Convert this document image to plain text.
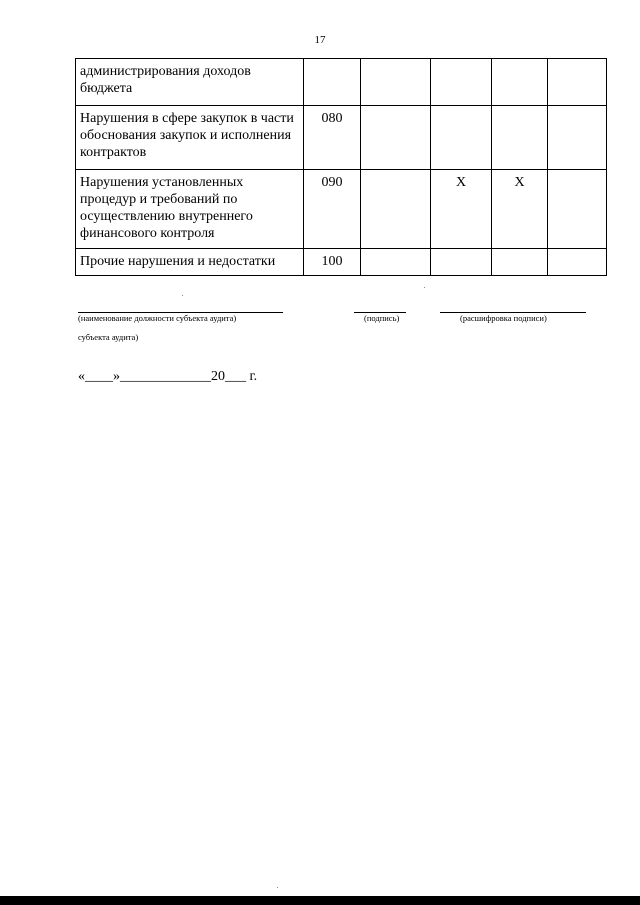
17
администрирования доходов бюджета					
Нарушения в сфере закупок в части обоснования закупок и исполнения контрактов	080				
Нарушения установленных процедур и требований по осуществлению внутреннего финансового контроля	090		X	X	
Прочие нарушения и недостатки	100				
(наименование должности субъекта аудита)	(подпись)	(расшифровка подписи)
субъекта аудита)
«____»_____________20___ г.
